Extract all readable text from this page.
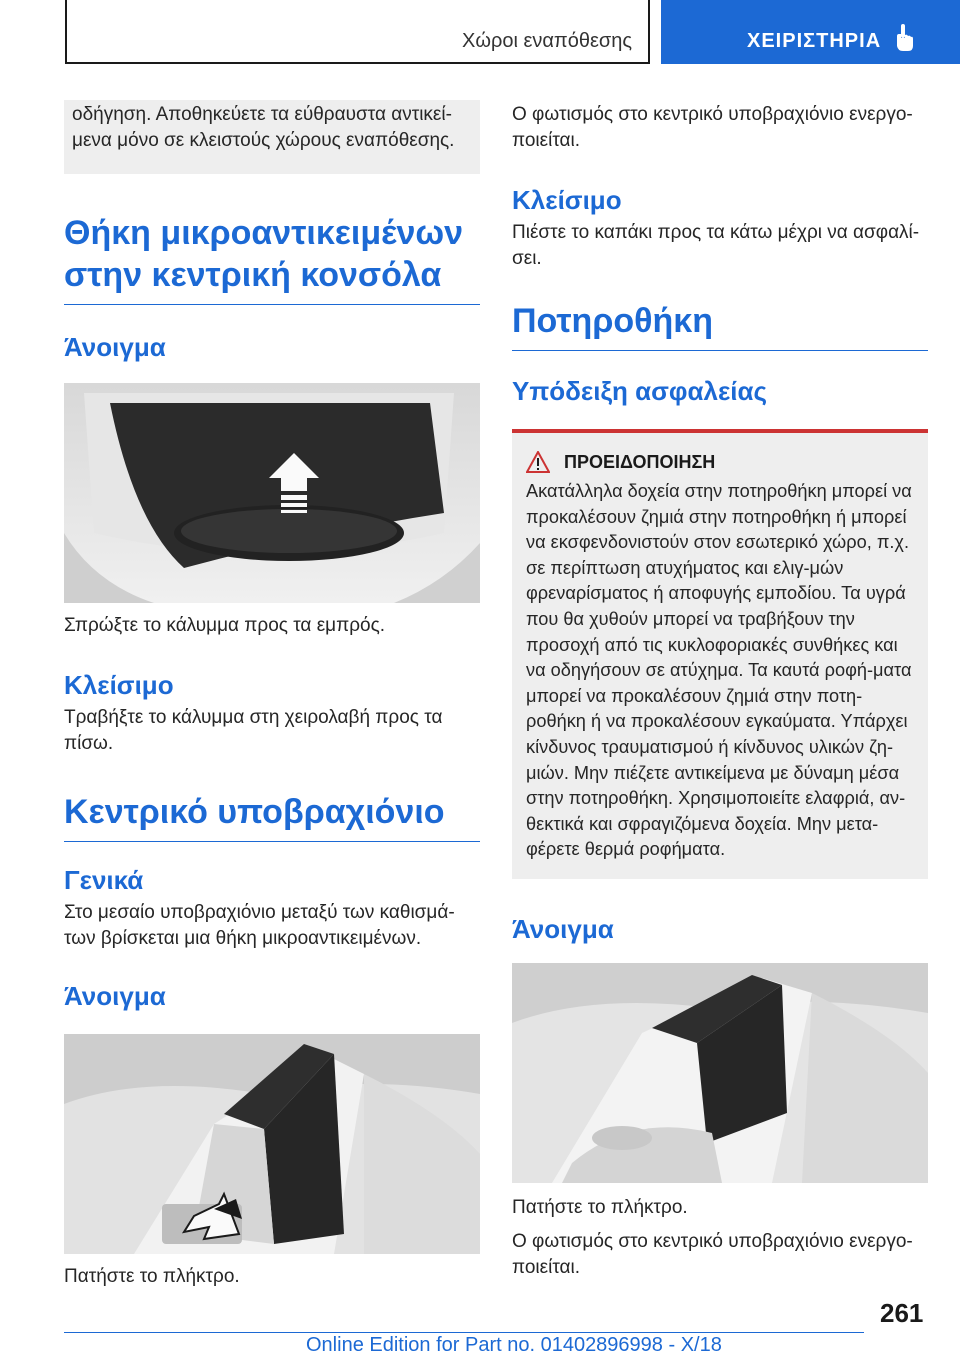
Χώροι εναπόθεσης	ΧΕΙΡΙΣΤΗΡΙΑ

οδήγηση. Αποθηκεύετε τα εύθραυστα αντικεί-μενα μόνο σε κλειστούς χώρους εναπόθεσης.

Θήκη μικροαντικειμένων στην κεντρική κονσόλα
Άνοιγμα

Σπρώξτε το κάλυμμα προς τα εμπρός.

Κλείσιμο

Τραβήξτε το κάλυμμα στη χειρολαβή προς τα πίσω.

Κεντρικό υποβραχιόνιο
Γενικά

Στο μεσαίο υποβραχιόνιο μεταξύ των καθισμά-των βρίσκεται μια θήκη μικροαντικειμένων.

Άνοιγμα

Πατήστε το πλήκτρο.

Ο φωτισμός στο κεντρικό υποβραχιόνιο ενεργο-ποιείται.

Κλείσιμο

Πιέστε το καπάκι προς τα κάτω μέχρι να ασφαλί-σει.

Ποτηροθήκη
Υπόδειξη ασφαλείας
ΠΡΟΕΙΔΟΠΟΙΗΣΗ

Ακατάλληλα δοχεία στην ποτηροθήκη μπορεί να προκαλέσουν ζημιά στην ποτηροθήκη ή μπορεί να εκσφενδονιστούν στον εσωτερικό χώρο, π.χ. σε περίπτωση ατυχήματος και ελιγ-μών φρεναρίσματος ή αποφυγής εμποδίου. Τα υγρά που θα χυθούν μπορεί να τραβήξουν την προσοχή από τις κυκλοφοριακές συνθήκες και να οδηγήσουν σε ατύχημα. Τα καυτά ροφή-ματα μπορεί να προκαλέσουν ζημιά στην ποτη-ροθήκη ή να προκαλέσουν εγκαύματα. Υπάρχει κίνδυνος τραυματισμού ή κίνδυνος υλικών ζη-μιών. Μην πιέζετε αντικείμενα με δύναμη μέσα στην ποτηροθήκη. Χρησιμοποιείτε ελαφριά, αν-θεκτικά και σφραγιζόμενα δοχεία. Μην μετα-φέρετε θερμά ροφήματα.

Άνοιγμα

Πατήστε το πλήκτρο.

Ο φωτισμός στο κεντρικό υποβραχιόνιο ενεργο-ποιείται.

261
Online Edition for Part no. 01402896998 - X/18
